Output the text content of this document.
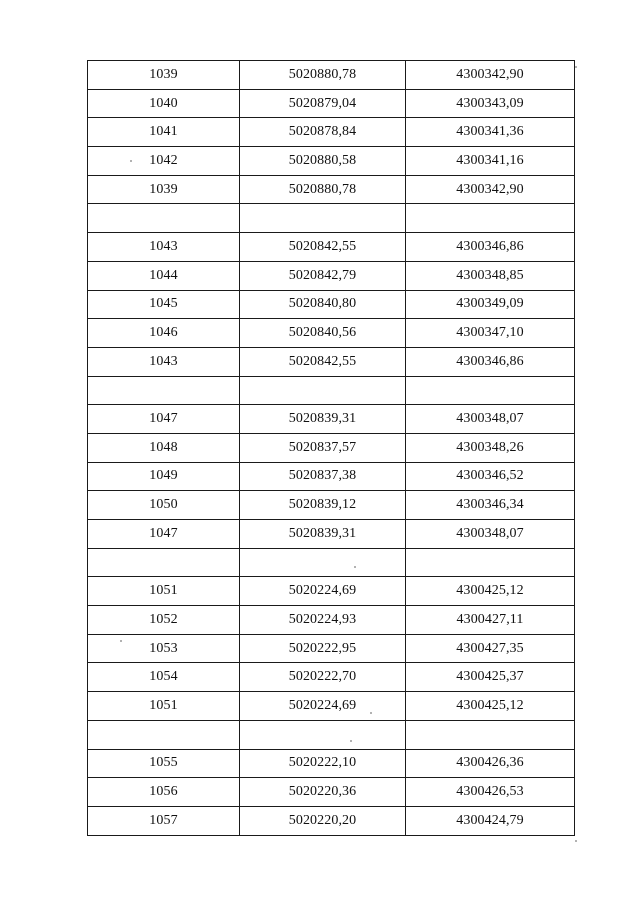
1039	5020880,78	4300342,90
1040	5020879,04	4300343,09
1041	5020878,84	4300341,36
1042	5020880,58	4300341,16
1039	5020880,78	4300342,90

1043	5020842,55	4300346,86
1044	5020842,79	4300348,85
1045	5020840,80	4300349,09
1046	5020840,56	4300347,10
1043	5020842,55	4300346,86

1047	5020839,31	4300348,07
1048	5020837,57	4300348,26
1049	5020837,38	4300346,52
1050	5020839,12	4300346,34
1047	5020839,31	4300348,07

1051	5020224,69	4300425,12
1052	5020224,93	4300427,11
1053	5020222,95	4300427,35
1054	5020222,70	4300425,37
1051	5020224,69	4300425,12

1055	5020222,10	4300426,36
1056	5020220,36	4300426,53
1057	5020220,20	4300424,79
